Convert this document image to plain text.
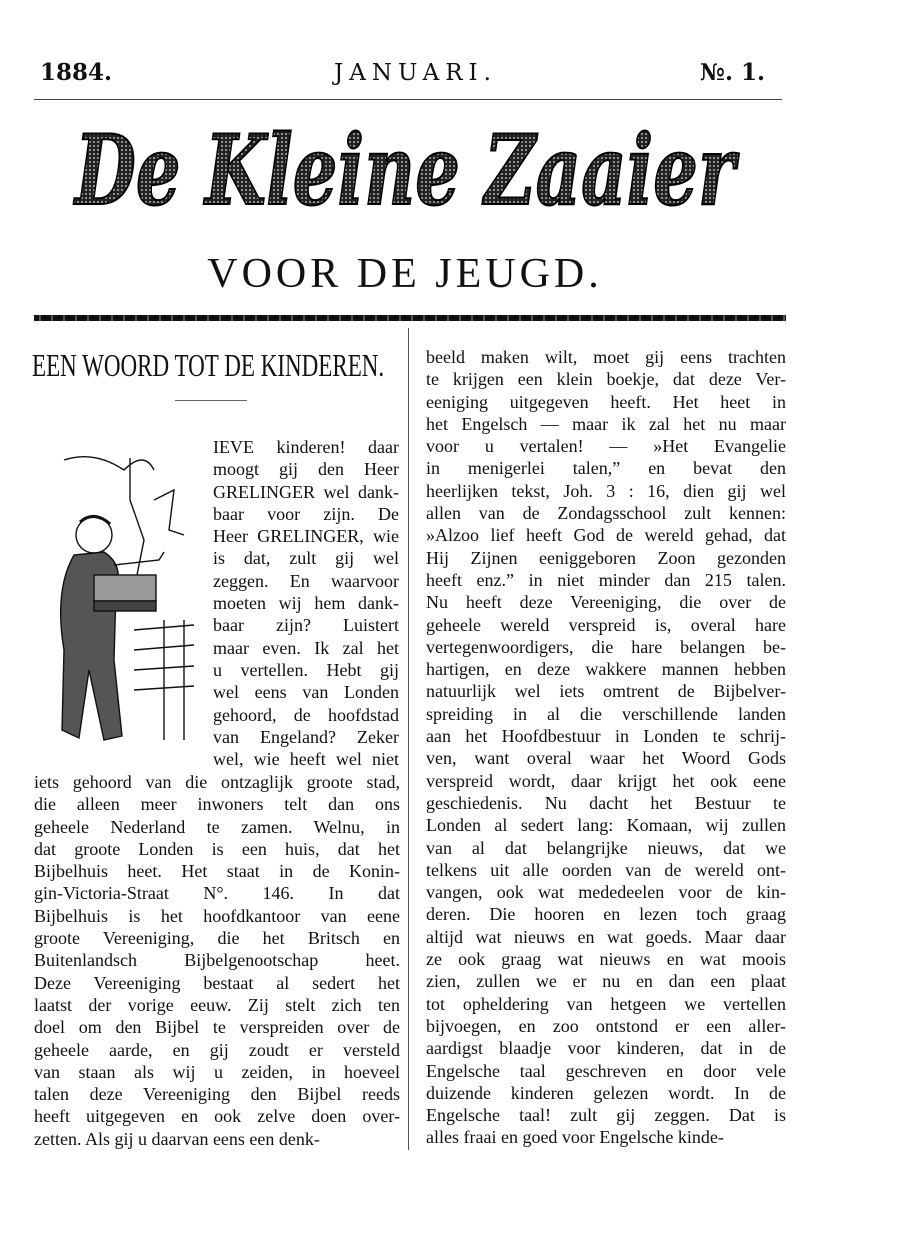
1884.	JANUARI.	№. 1.
De Kleine Zaaier
VOOR DE JEUGD.
EEN WOORD TOT DE KINDEREN.
IEVE kinderen! daar
moogt gij den Heer
GRELINGER wel dank-
baar voor zijn. De
Heer GRELINGER, wie
is dat, zult gij wel
zeggen. En waarvoor
moeten wij hem dank-
baar zijn? Luistert
maar even. Ik zal het
u vertellen. Hebt gij
wel eens van Londen
gehoord, de hoofdstad
van Engeland? Zeker
wel, wie heeft wel niet
iets gehoord van die ontzaglijk groote stad,
die alleen meer inwoners telt dan ons
geheele Nederland te zamen. Welnu, in
dat groote Londen is een huis, dat het
Bijbelhuis heet. Het staat in de Konin-
gin-Victoria-Straat N°. 146. In dat
Bijbelhuis is het hoofdkantoor van eene
groote Vereeniging, die het Britsch en
Buitenlandsch Bijbelgenootschap heet.
Deze Vereeniging bestaat al sedert het
laatst der vorige eeuw. Zij stelt zich ten
doel om den Bijbel te verspreiden over de
geheele aarde, en gij zoudt er versteld
van staan als wij u zeiden, in hoeveel
talen deze Vereeniging den Bijbel reeds
heeft uitgegeven en ook zelve doen over-
zetten. Als gij u daarvan eens een denk-
beeld maken wilt, moet gij eens trachten
te krijgen een klein boekje, dat deze Ver-
eeniging uitgegeven heeft. Het heet in
het Engelsch — maar ik zal het nu maar
voor u vertalen! — »Het Evangelie
in menigerlei talen,” en bevat den
heerlijken tekst, Joh. 3 : 16, dien gij wel
allen van de Zondagsschool zult kennen:
»Alzoo lief heeft God de wereld gehad, dat
Hij Zijnen eeniggeboren Zoon gezonden
heeft enz.” in niet minder dan 215 talen.
Nu heeft deze Vereeniging, die over de
geheele wereld verspreid is, overal hare
vertegenwoordigers, die hare belangen be-
hartigen, en deze wakkere mannen hebben
natuurlijk wel iets omtrent de Bijbelver-
spreiding in al die verschillende landen
aan het Hoofdbestuur in Londen te schrij-
ven, want overal waar het Woord Gods
verspreid wordt, daar krijgt het ook eene
geschiedenis. Nu dacht het Bestuur te
Londen al sedert lang: Komaan, wij zullen
van al dat belangrijke nieuws, dat we
telkens uit alle oorden van de wereld ont-
vangen, ook wat mededeelen voor de kin-
deren. Die hooren en lezen toch graag
altijd wat nieuws en wat goeds. Maar daar
ze ook graag wat nieuws en wat moois
zien, zullen we er nu en dan een plaat
tot opheldering van hetgeen we vertellen
bijvoegen, en zoo ontstond er een aller-
aardigst blaadje voor kinderen, dat in de
Engelsche taal geschreven en door vele
duizende kinderen gelezen wordt. In de
Engelsche taal! zult gij zeggen. Dat is
alles fraai en goed voor Engelsche kinde-
